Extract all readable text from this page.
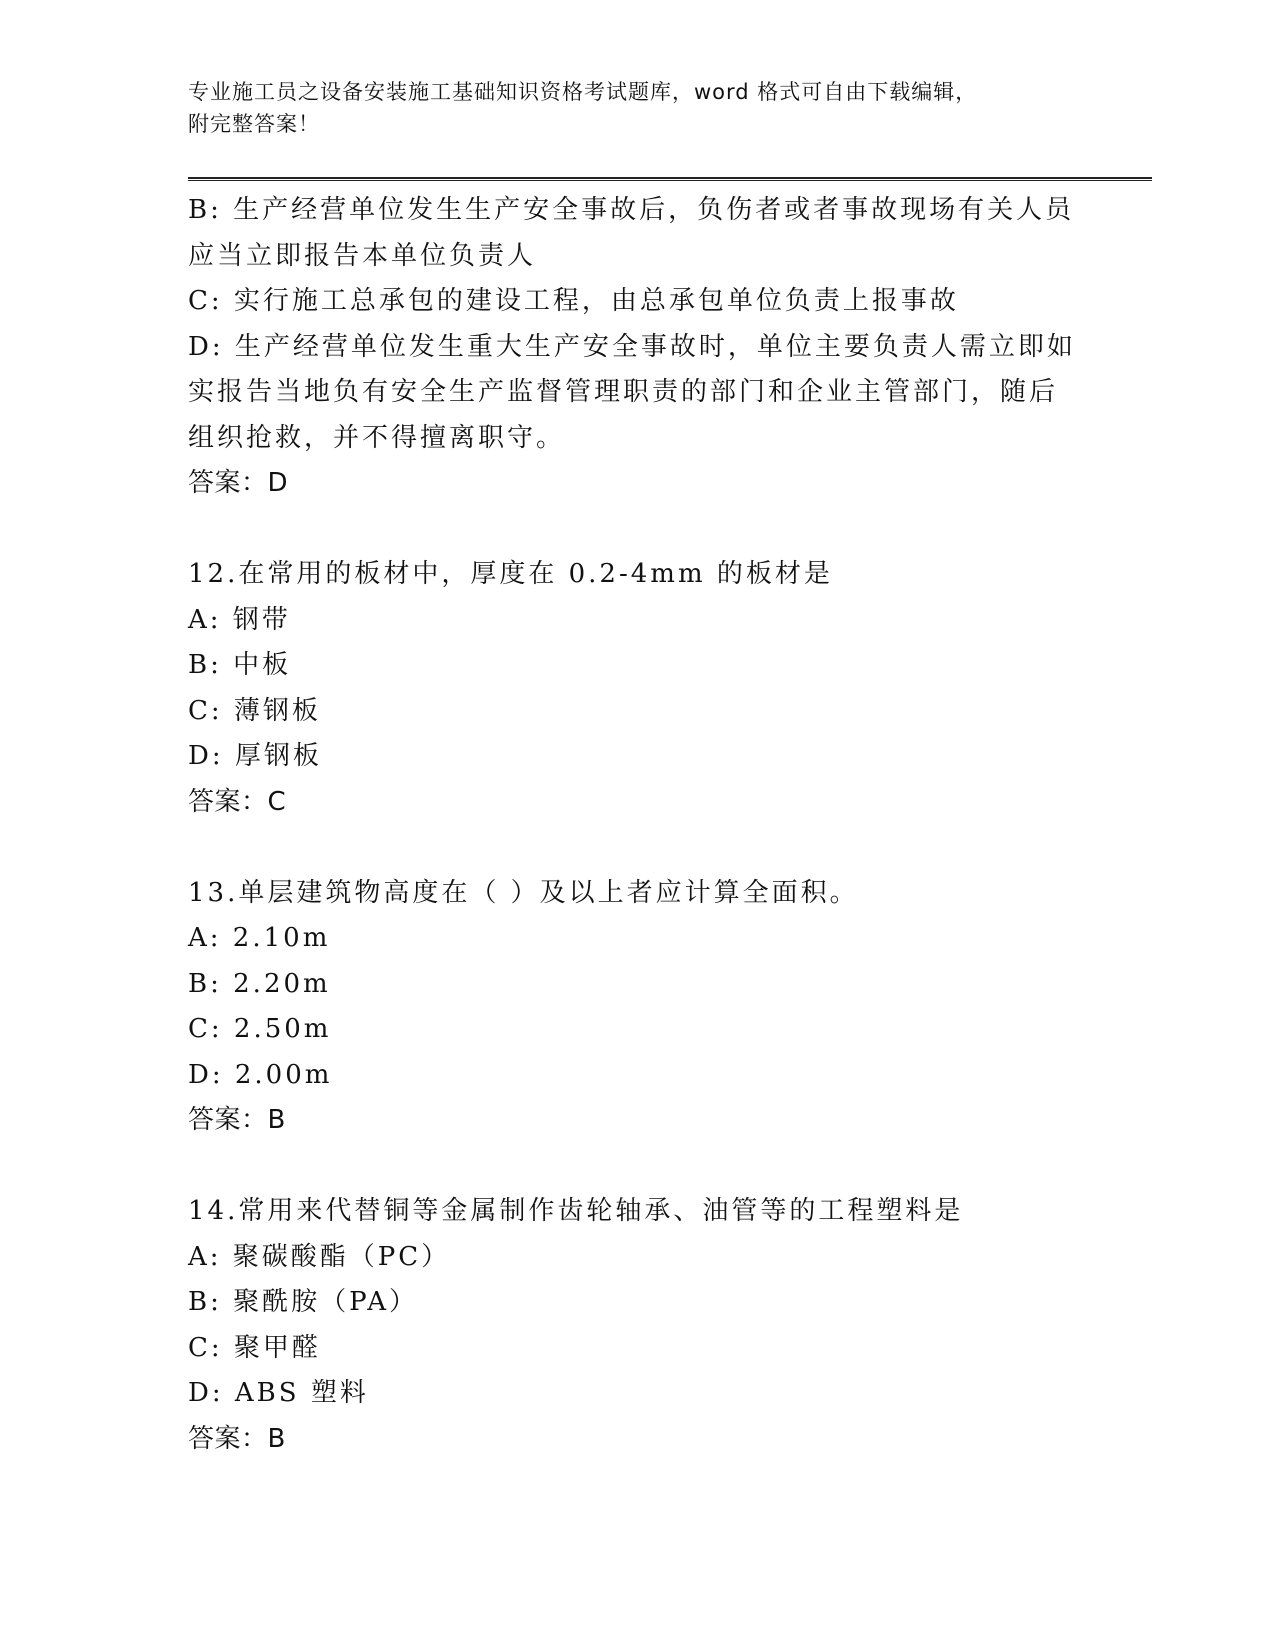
专业施工员之设备安装施工基础知识资格考试题库，word 格式可自由下载编辑，
附完整答案！
B: 生产经营单位发生生产安全事故后，负伤者或者事故现场有关人员
应当立即报告本单位负责人
C: 实行施工总承包的建设工程，由总承包单位负责上报事故
D: 生产经营单位发生重大生产安全事故时，单位主要负责人需立即如
实报告当地负有安全生产监督管理职责的部门和企业主管部门，随后
组织抢救，并不得擅离职守。
答案：D
12.在常用的板材中，厚度在 0.2-4mm 的板材是
A: 钢带
B: 中板
C: 薄钢板
D: 厚钢板
答案：C
13.单层建筑物高度在（ ）及以上者应计算全面积。
A: 2.10m
B: 2.20m
C: 2.50m
D: 2.00m
答案：B
14.常用来代替铜等金属制作齿轮轴承、油管等的工程塑料是
A: 聚碳酸酯（PC）
B: 聚酰胺（PA）
C: 聚甲醛
D: ABS 塑料
答案：B
